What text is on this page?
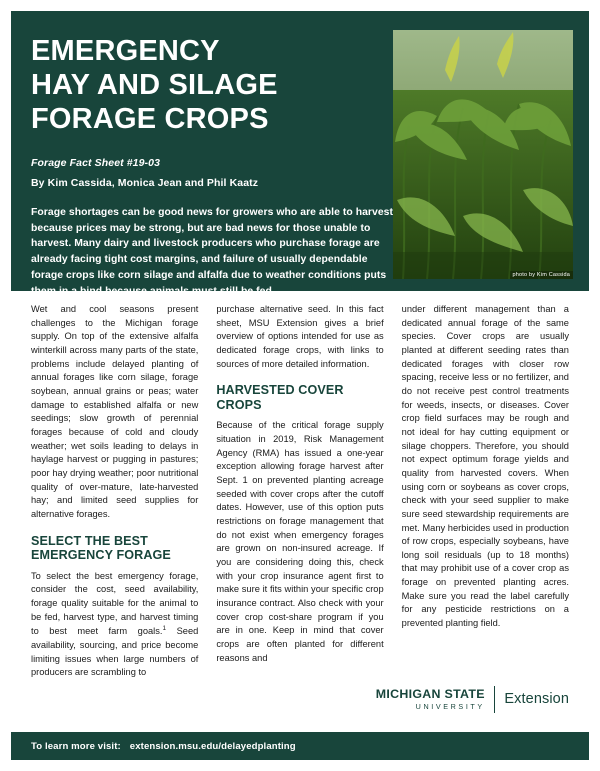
EMERGENCY
HAY AND SILAGE
FORAGE CROPS
Forage Fact Sheet #19-03
By Kim Cassida, Monica Jean and Phil Kaatz
Forage shortages can be good news for growers who are able to harvest because prices may be strong, but are bad news for those unable to harvest. Many dairy and livestock producers who purchase forage are already facing tight cost margins, and failure of usually dependable forage crops like corn silage and alfalfa due to weather conditions puts them in a bind because animals must still be fed.
photo by Kim Cassida

Wet and cool seasons present challenges to the Michigan forage supply. On top of the extensive alfalfa winterkill across many parts of the state, problems include delayed planting of annual forages like corn silage, forage soybean, annual grains or peas; water damage to established alfalfa or new seedings; slow growth of perennial forages because of cold and cloudy weather; wet soils leading to delays in haylage harvest or pugging in pastures; poor hay drying weather; poor nutritional quality of over-mature, late-harvested hay; and limited seed supplies for alternative forages.

SELECT THE BEST
EMERGENCY FORAGE

To select the best emergency forage, consider the cost, seed availability, forage quality suitable for the animal to be fed, harvest type, and harvest timing to best meet farm goals.$^1$ Seed availability, sourcing, and price become limiting issues when large numbers of producers are scrambling to

purchase alternative seed. In this fact sheet, MSU Extension gives a brief overview of options intended for use as dedicated forage crops, with links to sources of more detailed information.

HARVESTED COVER
CROPS

Because of the critical forage supply situation in 2019, Risk Management Agency (RMA) has issued a one-year exception allowing forage harvest after Sept. 1 on prevented planting acreage seeded with cover crops after the cutoff dates. However, use of this option puts restrictions on forage management that do not exist when emergency forages are grown on non-insured acreage. If you are considering doing this, check with your crop insurance agent first to make sure it fits within your specific crop insurance contract. Also check with your cover crop cost-share program if you are in one. Keep in mind that cover crops are often planted for different reasons and

under different management than a dedicated annual forage of the same species. Cover crops are usually planted at different seeding rates than dedicated forages with closer row spacing, receive less or no fertilizer, and do not receive pest control treatments for weeds, insects, or diseases. Cover crop field surfaces may be rough and not ideal for hay cutting equipment or silage choppers. Therefore, you should not expect optimum forage yields and quality from harvested covers. When using corn or soybeans as cover crops, check with your seed supplier to make sure seed stewardship requirements are met. Many herbicides used in production of row crops, especially soybeans, have long soil residuals (up to 18 months) that may prohibit use of a cover crop as forage on prevented planting acres. Make sure you read the label carefully for any pesticide restrictions on a prevented planting field.

MICHIGAN STATE
UNIVERSITY	Extension
To learn more visit: extension.msu.edu/delayedplanting
